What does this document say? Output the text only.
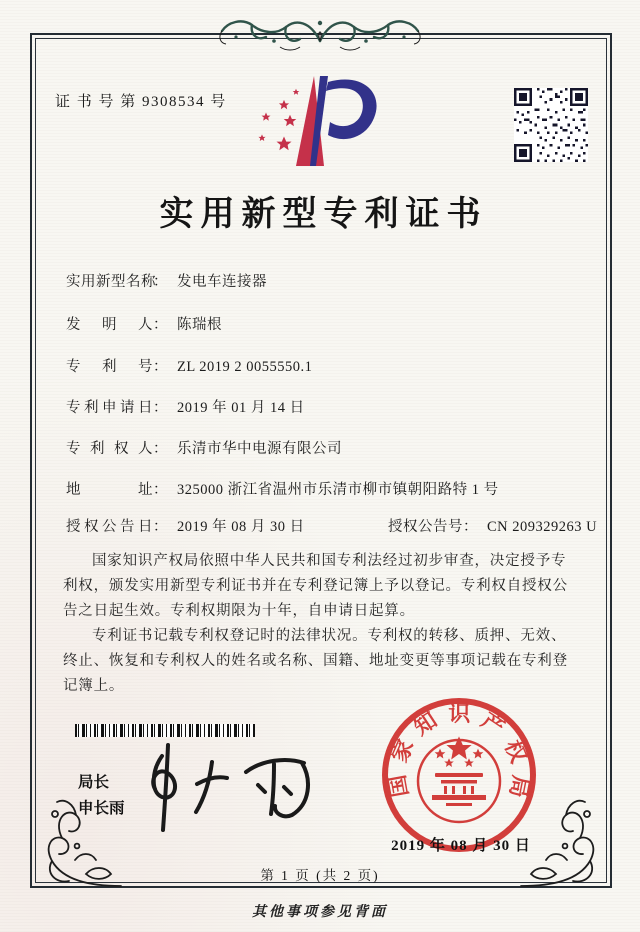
证 书 号 第 9308534 号
实用新型专利证书
实用新型名称： 发电车连接器
发明人： 陈瑞根
专利号： ZL 2019 2 0055550.1
专利申请日： 2019 年 01 月 14 日
专利权人： 乐清市华中电源有限公司
地址： 325000 浙江省温州市乐清市柳市镇朝阳路特 1 号
授权公告日： 2019 年 08 月 30 日	授权公告号： CN 209329263 U

国家知识产权局依照中华人民共和国专利法经过初步审查，决定授予专利权，颁发实用新型专利证书并在专利登记簿上予以登记。专利权自授权公告之日起生效。专利权期限为十年，自申请日起算。

专利证书记载专利权登记时的法律状况。专利权的转移、质押、无效、终止、恢复和专利权人的姓名或名称、国籍、地址变更等事项记载在专利登记簿上。

局长
申长雨
国家知识产权局
2019 年 08 月 30 日
第 1 页 (共 2 页)
其他事项参见背面
